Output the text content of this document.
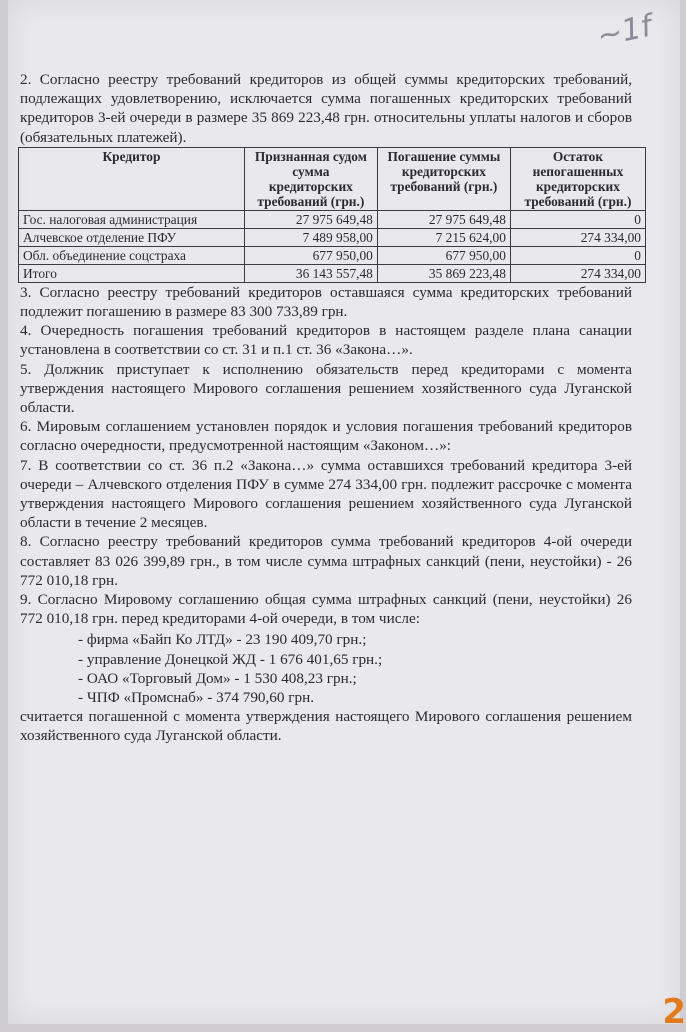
~1f

2. Согласно реестру требований кредиторов из общей суммы кредиторских требований, подлежащих удовлетворению, исключается сумма погашенных кредиторских требований кредиторов 3-ей очереди в размере 35 869 223,48 грн. относительны уплаты налогов и сборов (обязательных платежей).

Кредитор	Признанная судом сумма кредиторских требований (грн.)	Погашение суммы кредиторских требований (грн.)	Остаток непогашенных кредиторских требований (грн.)
Гос. налоговая администрация	27 975 649,48	27 975 649,48	0
Алчевское отделение ПФУ	7 489 958,00	7 215 624,00	274 334,00
Обл. объединение соцстраха	677 950,00	677 950,00	0
Итого	36 143 557,48	35 869 223,48	274 334,00

3. Согласно реестру требований кредиторов оставшаяся сумма кредиторских требований подлежит погашению в размере 83 300 733,89 грн.

4. Очередность погашения требований кредиторов в настоящем разделе плана санации установлена в соответствии со ст. 31 и п.1 ст. 36 «Закона…».

5. Должник приступает к исполнению обязательств перед кредиторами с момента утверждения настоящего Мирового соглашения решением хозяйственного суда Луганской области.

6. Мировым соглашением установлен порядок и условия погашения требований кредиторов согласно очередности, предусмотренной настоящим «Законом…»:

7. В соответствии со ст. 36 п.2 «Закона…» сумма оставшихся требований кредитора 3-ей очереди – Алчевского отделения ПФУ в сумме 274 334,00 грн. подлежит рассрочке с момента утверждения настоящего Мирового соглашения решением хозяйственного суда Луганской области в течение 2 месяцев.

8. Согласно реестру требований кредиторов сумма требований кредиторов 4-ой очереди составляет 83 026 399,89 грн., в том числе сумма штрафных санкций (пени, неустойки) - 26 772 010,18 грн.

9. Согласно Мировому соглашению общая сумма штрафных санкций (пени, неустойки) 26 772 010,18 грн. перед кредиторами 4-ой очереди, в том числе:

- фирма «Байп Ко ЛТД» - 23 190 409,70 грн.;
- управление Донецкой ЖД - 1 676 401,65 грн.;
- ОАО «Торговый Дом» - 1 530 408,23 грн.;
- ЧПФ «Промснаб» - 374 790,60 грн.

считается погашенной с момента утверждения настоящего Мирового соглашения решением хозяйственного суда Луганской области.

2
